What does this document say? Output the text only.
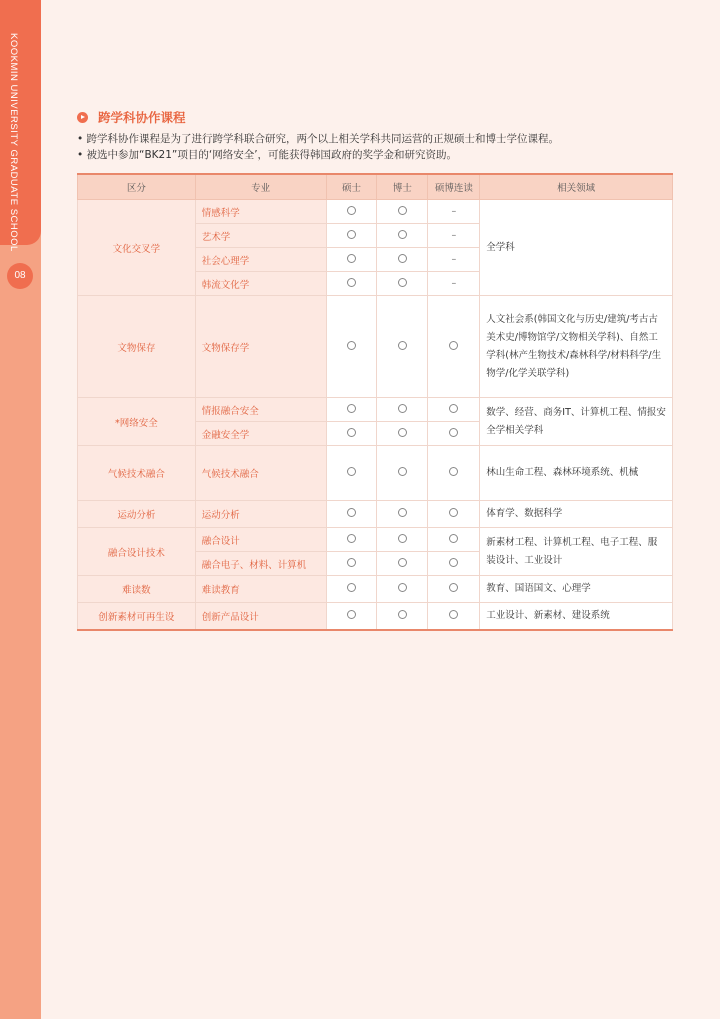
KOOKMIN UNIVERSITY GRADUATE SCHOOL
08
跨学科协作课程
• 跨学科协作课程是为了进行跨学科联合研究，两个以上相关学科共同运营的正规硕士和博士学位课程。
• 被选中参加“BK21”项目的‘网络安全’，可能获得韩国政府的奖学金和研究资助。
区分	专业	硕士	博士	硕博连读	相关领域
文化交叉学	情感科学			–	全学科
	艺术学			–	
	社会心理学			–	
	韩流文化学			–	
文物保存	文物保存学				人文社会系(韩国文化与历史/建筑/考古古美术史/博物馆学/文物相关学科)、自然工学科(林产生物技术/森林科学/材料科学/生物学/化学关联学科)
*网络安全	情报融合安全				数学、经营、商务IT、计算机工程、情报安全学相关学科
	金融安全学				
气候技术融合	气候技术融合				林山生命工程、森林环境系统、机械
运动分析	运动分析				体育学、数据科学
融合设计技术	融合设计				新素材工程、计算机工程、电子工程、服装设计、工业设计
	融合电子、材料、计算机				
难读数	难读教育				教育、国语国文、心理学
创新素材可再生设	创新产品设计				工业设计、新素材、建设系统
